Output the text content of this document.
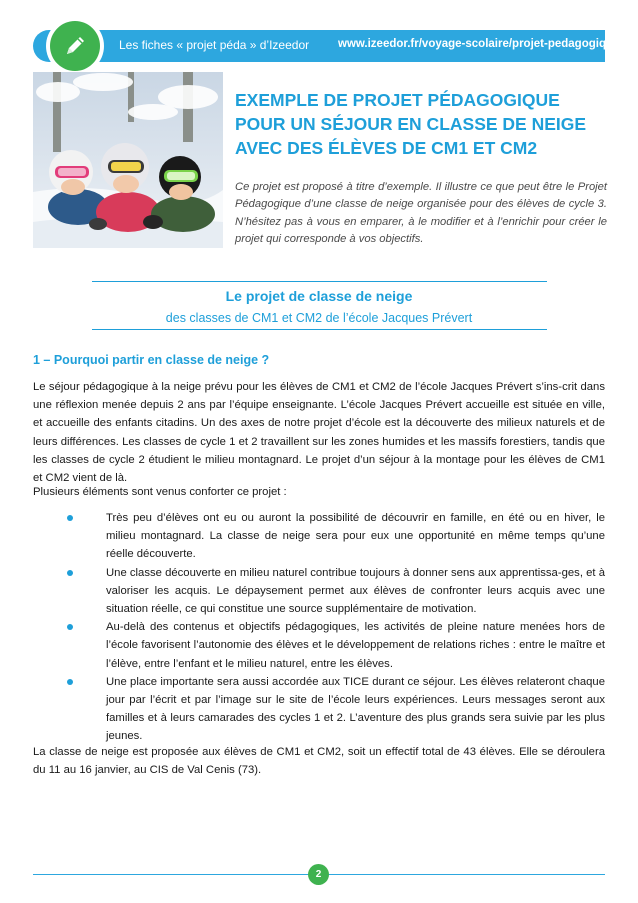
Les fiches « projet péda » d’Izeedor	www.izeedor.fr/voyage-scolaire/projet-pedagogique/
EXEMPLE DE PROJET PÉDAGOGIQUE
POUR UN SÉJOUR EN CLASSE DE NEIGE
AVEC DES ÉLÈVES DE CM1 ET CM2
Ce projet est proposé à titre d’exemple. Il illustre ce que peut être le Projet Pédagogique d’une classe de neige organisée pour des élèves de cycle 3. N’hésitez pas à vous en emparer, à le modifier et à l’enrichir pour créer le projet qui corresponde à vos objectifs.
Le projet de classe de neige
des classes de CM1 et CM2 de l’école Jacques Prévert
1 – Pourquoi partir en classe de neige ?
Le séjour pédagogique à la neige prévu pour les élèves de CM1 et CM2 de l’école Jacques Prévert s’ins-crit dans une réflexion menée depuis 2 ans par l’équipe enseignante. L’école Jacques Prévert accueille est située en ville, et accueille des enfants citadins. Un des axes de notre projet d’école est la découverte des milieux naturels et de leurs différences. Les classes de cycle 1 et 2 travaillent sur les zones humides et les massifs forestiers, tandis que les classes de cycle 2 étudient le milieu montagnard. Le projet d’un séjour à la montage pour les élèves de CM1 et CM2 vient de là.
Plusieurs éléments sont venus conforter ce projet :
Très peu d’élèves ont eu ou auront la possibilité de découvrir en famille, en été ou en hiver, le milieu montagnard. La classe de neige sera pour eux une opportunité en même temps qu’une réelle découverte.
Une classe découverte en milieu naturel contribue toujours à donner sens aux apprentissa-ges, et à valoriser les acquis. Le dépaysement permet aux élèves de confronter leurs acquis avec une situation réelle, ce qui constitue une source supplémentaire de motivation.
Au-delà des contenus et objectifs pédagogiques, les activités de pleine nature menées hors de l’école favorisent l’autonomie des élèves et le développement de relations riches : entre le maître et l’élève, entre l’enfant et le milieu naturel, entre les élèves.
Une place importante sera aussi accordée aux TICE durant ce séjour. Les élèves relateront chaque jour par l’écrit et par l’image sur le site de l’école leurs expériences. Leurs messages seront aux familles et à leurs camarades des cycles 1 et 2. L’aventure des plus grands sera suivie par les plus jeunes.
La classe de neige est proposée aux élèves de CM1 et CM2, soit un effectif total de 43 élèves. Elle se déroulera du 11 au 16 janvier, au CIS de Val Cenis (73).
2
